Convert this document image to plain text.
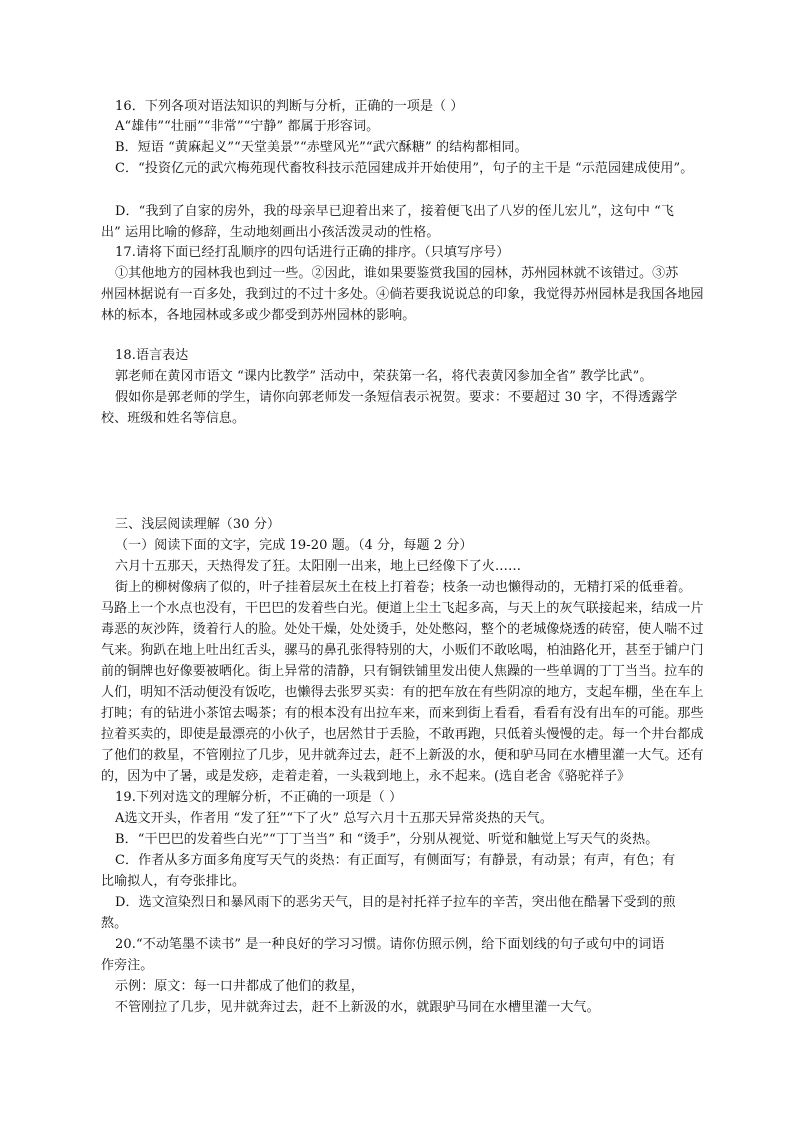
16．下列各项对语法知识的判断与分析，正确的一项是（ ）

A“雄伟”“壮丽”“非常”“宁静” 都属于形容词。

B．短语 “黄麻起义”“天堂美景”“赤壁风光”“武穴酥糖” 的结构都相同。

C．“投资亿元的武穴梅苑现代畜牧科技示范园建成并开始使用”，句子的主干是 “示范园建成使用”。

D．“我到了自家的房外，我的母亲早已迎着出来了，接着便飞出了八岁的侄儿宏儿”，这句中 “飞

出” 运用比喻的修辞，生动地刻画出小孩活泼灵动的性格。

17.请将下面已经打乱顺序的四句话进行正确的排序。（只填写序号）

①其他地方的园林我也到过一些。②因此，谁如果要鉴赏我国的园林，苏州园林就不该错过。③苏

州园林据说有一百多处，我到过的不过十多处。④倘若要我说说总的印象，我觉得苏州园林是我国各地园

林的标本，各地园林或多或少都受到苏州园林的影响。

18.语言表达

郭老师在黄冈市语文 “课内比教学” 活动中，荣获第一名，将代表黄冈参加全省” 教学比武”。

假如你是郭老师的学生，请你向郭老师发一条短信表示祝贺。要求：不要超过 30 字，不得透露学

校、班级和姓名等信息。

三、浅层阅读理解（30 分）

（一）阅读下面的文字，完成 19-20 题。（4 分，每题 2 分）

六月十五那天，天热得发了狂。太阳刚一出来，地上已经像下了火……

街上的柳树像病了似的，叶子挂着层灰土在枝上打着卷；枝条一动也懒得动的，无精打采的低垂着。

马路上一个水点也没有，干巴巴的发着些白光。便道上尘土飞起多高，与天上的灰气联接起来，结成一片

毒恶的灰沙阵，烫着行人的脸。处处干燥，处处烫手，处处憋闷，整个的老城像烧透的砖窑，使人喘不过

气来。狗趴在地上吐出红舌头，骡马的鼻孔张得特别的大，小贩们不敢吆喝，柏油路化开，甚至于铺户门

前的铜牌也好像要被晒化。街上异常的清静，只有铜铁铺里发出使人焦躁的一些单调的丁丁当当。拉车的

人们，明知不活动便没有饭吃，也懒得去张罗买卖：有的把车放在有些阴凉的地方，支起车棚，坐在车上

打盹；有的钻进小茶馆去喝茶；有的根本没有出拉车来，而来到街上看看，看看有没有出车的可能。那些

拉着买卖的，即使是最漂亮的小伙子，也居然甘于丢脸，不敢再跑，只低着头慢慢的走。每一个井台都成

了他们的救星，不管刚拉了几步，见井就奔过去，赶不上新汲的水，便和驴马同在水槽里灌一大气。还有

的，因为中了暑，或是发痧，走着走着，一头栽到地上，永不起来。(选自老舍《骆驼祥子》

19.下列对选文的理解分析，不正确的一项是（ ）

A选文开头，作者用 “发了狂”“下了火” 总写六月十五那天异常炎热的天气。

B．“干巴巴的发着些白光”“丁丁当当” 和 “烫手”，分别从视觉、听觉和触觉上写天气的炎热。

C．作者从多方面多角度写天气的炎热：有正面写，有侧面写；有静景，有动景；有声，有色；有

比喻拟人，有夸张排比。

D．选文渲染烈日和暴风雨下的恶劣天气，目的是衬托祥子拉车的辛苦，突出他在酷暑下受到的煎

熬。

20.“不动笔墨不读书” 是一种良好的学习习惯。请你仿照示例，给下面划线的句子或句中的词语

作旁注。

示例：原文：每一口井都成了他们的救星，

不管刚拉了几步，见井就奔过去，赶不上新汲的水，就跟驴马同在水槽里灌一大气。
